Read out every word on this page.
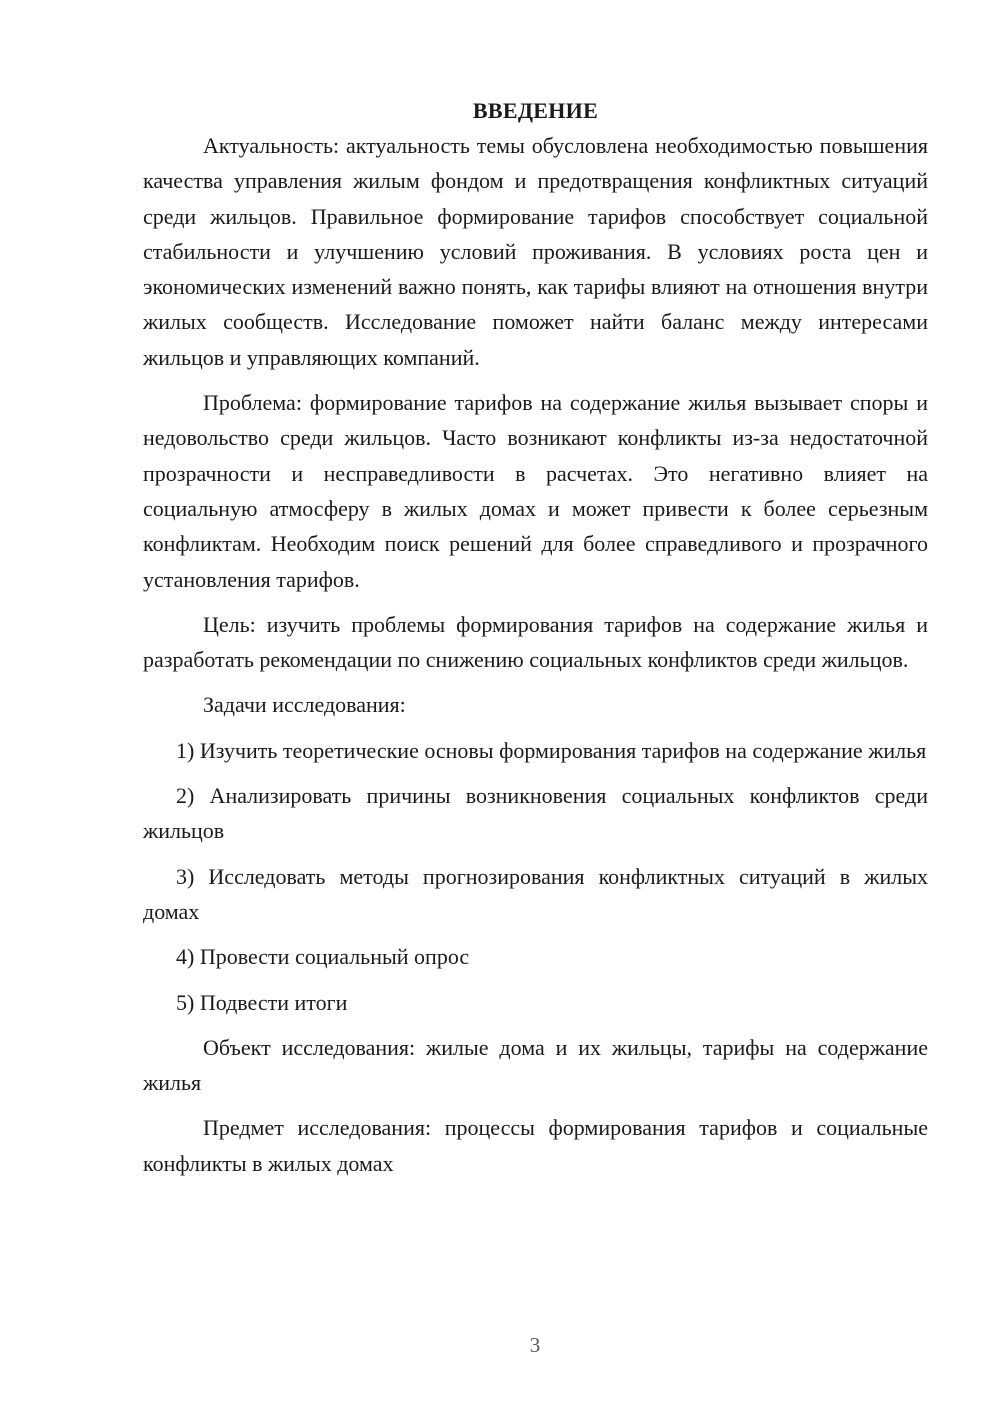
ВВЕДЕНИЕ

Актуальность: актуальность темы обусловлена необходимостью повышения качества управления жилым фондом и предотвращения конфликтных ситуаций среди жильцов. Правильное формирование тарифов способствует социальной стабильности и улучшению условий проживания. В условиях роста цен и экономических изменений важно понять, как тарифы влияют на отношения внутри жилых сообществ. Исследование поможет найти баланс между интересами жильцов и управляющих компаний.

Проблема: формирование тарифов на содержание жилья вызывает споры и недовольство среди жильцов. Часто возникают конфликты из-за недостаточной прозрачности и несправедливости в расчетах. Это негативно влияет на социальную атмосферу в жилых домах и может привести к более серьезным конфликтам. Необходим поиск решений для более справедливого и прозрачного установления тарифов.

Цель: изучить проблемы формирования тарифов на содержание жилья и разработать рекомендации по снижению социальных конфликтов среди жильцов.

Задачи исследования:

1) Изучить теоретические основы формирования тарифов на содержание жилья

2) Анализировать причины возникновения социальных конфликтов среди жильцов

3) Исследовать методы прогнозирования конфликтных ситуаций в жилых домах

4) Провести социальный опрос

5) Подвести итоги

Объект исследования: жилые дома и их жильцы, тарифы на содержание жилья

Предмет исследования: процессы формирования тарифов и социальные конфликты в жилых домах

3
